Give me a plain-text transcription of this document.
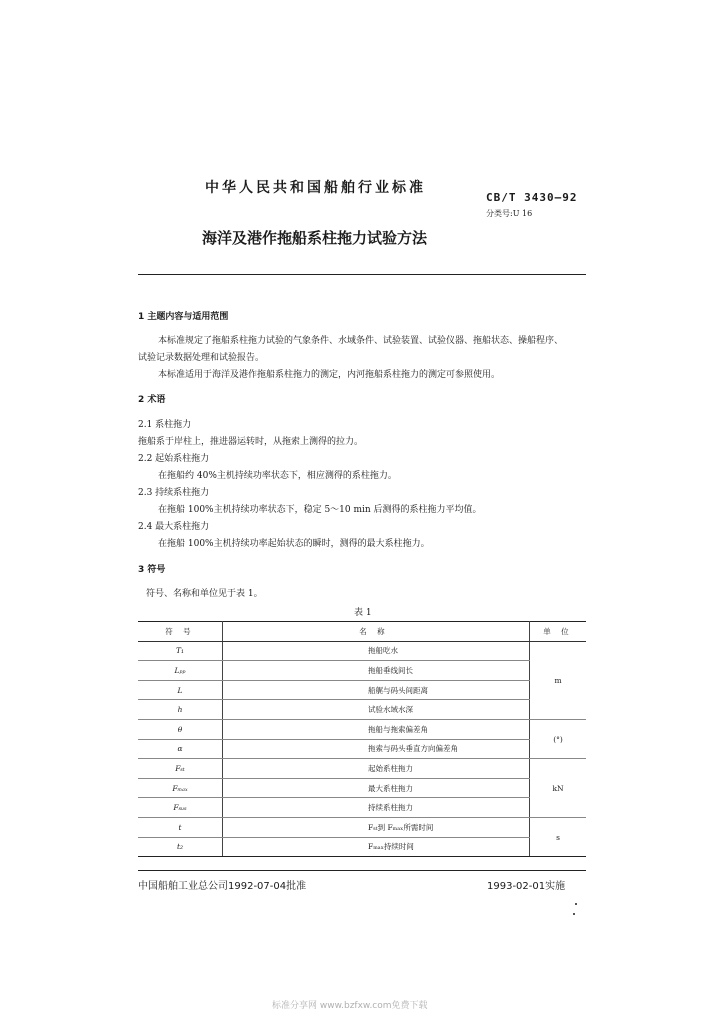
中华人民共和国船舶行业标准
CB/T 3430—92
分类号:U 16
海洋及港作拖船系柱拖力试验方法
1 主题内容与适用范围
本标准规定了拖船系柱拖力试验的气象条件、水域条件、试验装置、试验仪器、拖船状态、操船程序、
试验记录数据处理和试验报告。
本标准适用于海洋及港作拖船系柱拖力的测定，内河拖船系柱拖力的测定可参照使用。
2 术语
2.1 系柱拖力
拖船系于岸柱上，推进器运转时，从拖索上测得的拉力。
2.2 起始系柱拖力
在拖船约 40%主机持续功率状态下，相应测得的系柱拖力。
2.3 持续系柱拖力
在拖船 100%主机持续功率状态下，稳定 5～10 min 后测得的系柱拖力平均值。
2.4 最大系柱拖力
在拖船 100%主机持续功率起始状态的瞬时，测得的最大系柱拖力。
3 符号
符号、名称和单位见于表 1。
表 1
符 号	名 称	单 位
T₁	拖船吃水	m
Lₚₚ	拖船垂线间长	
L	船艉与码头间距离	
h	试验水域水深	
θ	拖船与拖索偏差角	(°)
α	拖索与码头垂直方向偏差角	
Fₛₜ	起始系柱拖力	kN
Fₘₐₓ	最大系柱拖力	
Fₛᵤₛ	持续系柱拖力	
t	Fₛₜ到 Fₘₐₓ所需时间	s
t₂	Fₘₐₓ持续时间	
中国船舶工业总公司1992-07-04批准	1993-02-01实施
标准分享网 www.bzfxw.com免费下载
